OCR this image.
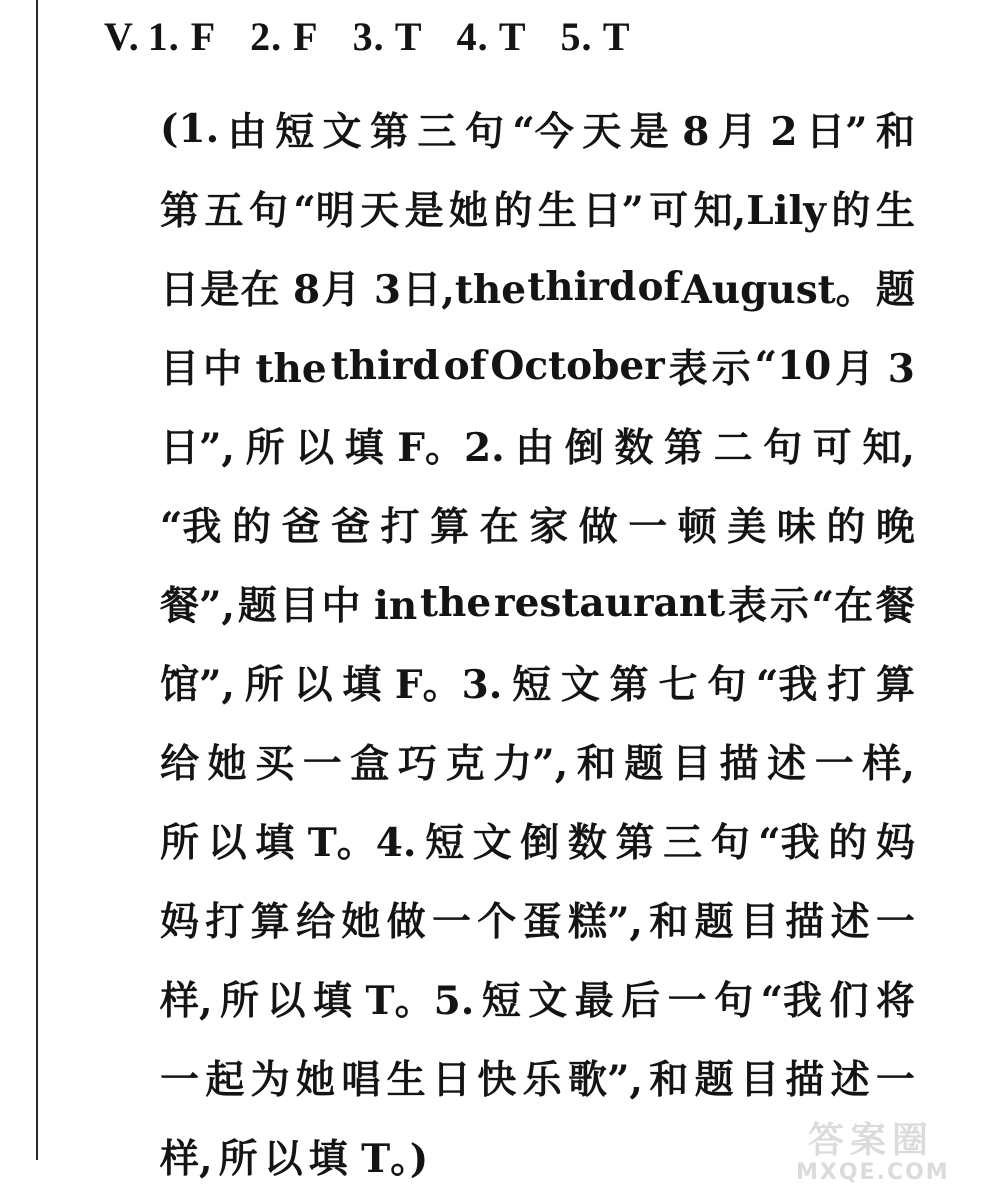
V. 1. F 2. F 3. T 4. T 5. T
(1. 由 短 文 第 三 句 “今 天 是 8 月 2 日” 和
第 五 句 “明 天 是 她 的 生 日” 可 知,Lily 的 生
日 是 在 8 月 3 日,the third of August。 题
目 中 the third of October 表 示 “10 月 3
日”, 所 以 填 F。2. 由 倒 数 第 二 句 可 知,
“我 的 爸 爸 打 算 在 家 做 一 顿 美 味 的 晚
餐”, 题 目 中 in the restaurant 表 示 “在 餐
馆”, 所 以 填 F。3. 短 文 第 七 句 “我 打 算
给 她 买 一 盒 巧 克 力”, 和 题 目 描 述 一 样,
所 以 填 T。4. 短 文 倒 数 第 三 句 “我 的 妈
妈 打 算 给 她 做 一 个 蛋 糕”, 和 题 目 描 述 一
样, 所 以 填 T。5. 短 文 最 后 一 句 “我 们 将
一 起 为 她 唱 生 日 快 乐 歌”, 和 题 目 描 述 一
样, 所 以 填 T。)	答案圈
MXQE.COM
